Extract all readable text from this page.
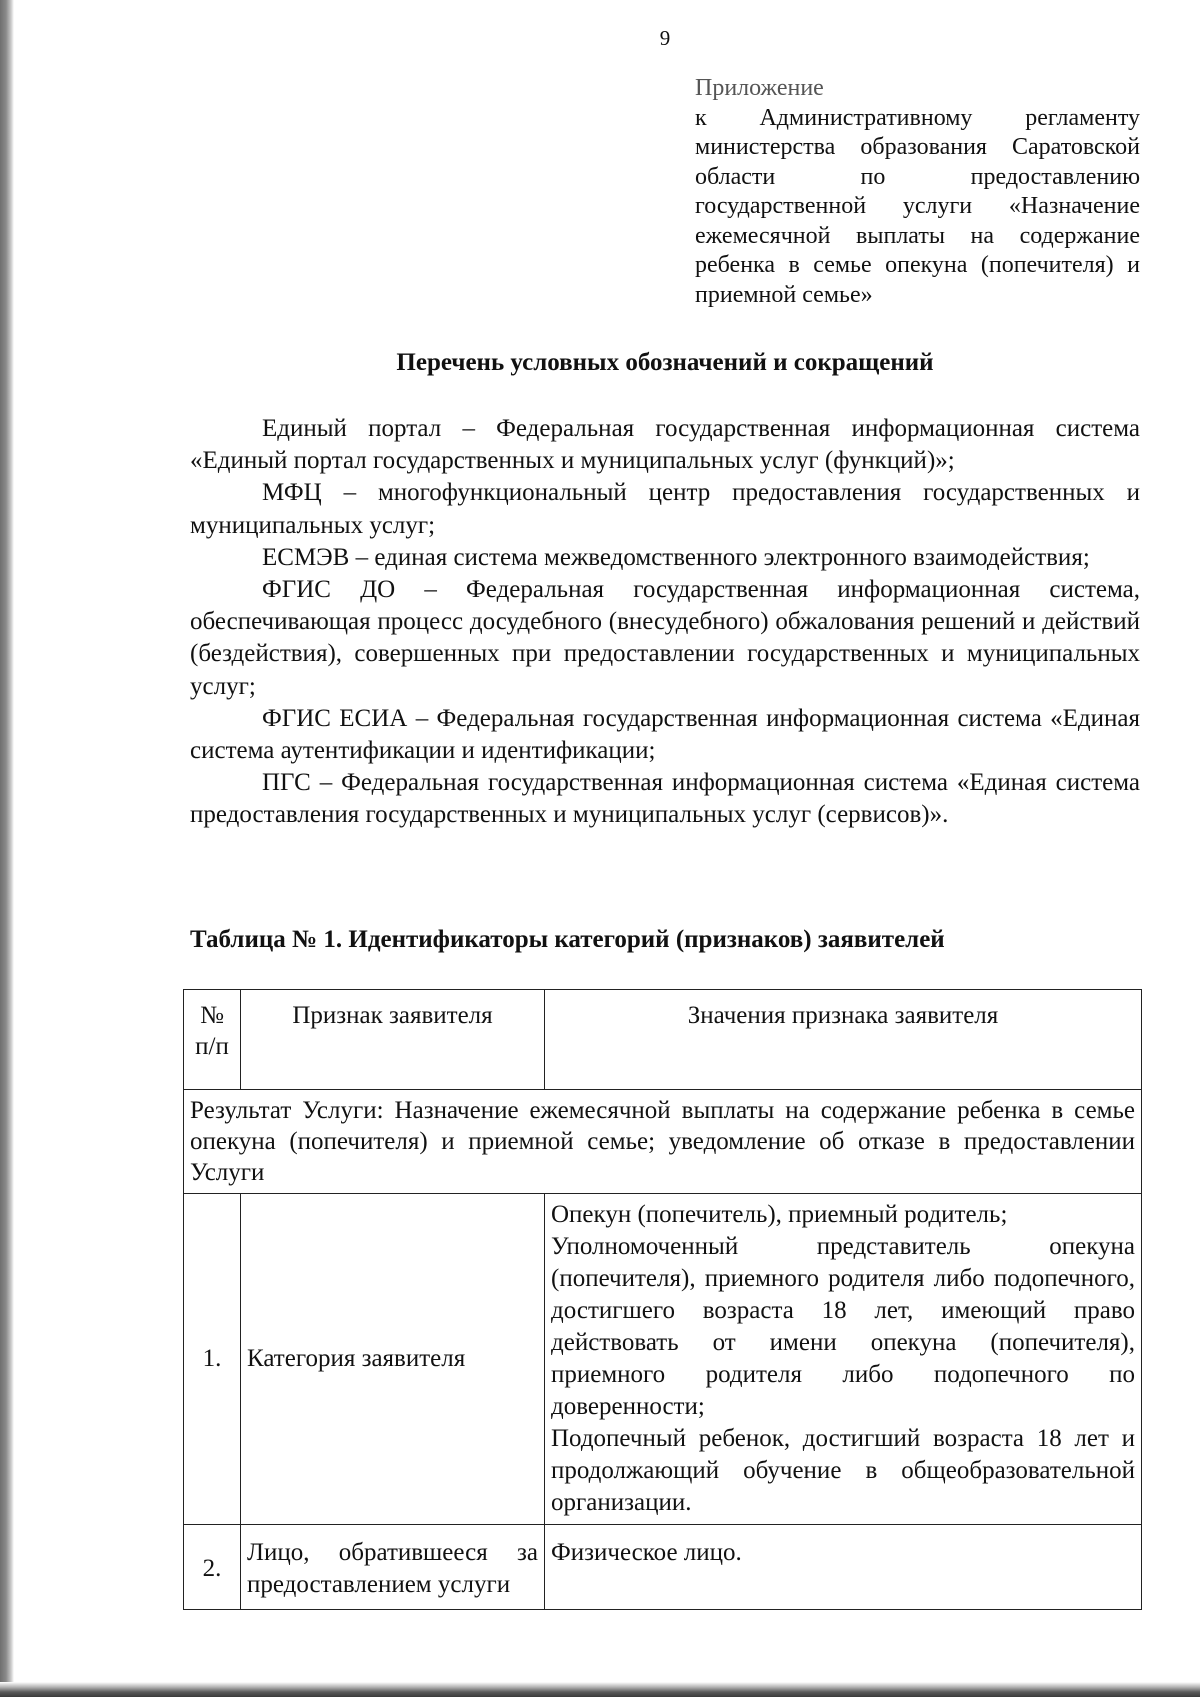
9
Приложение
к Административному регламенту министерства образования Саратовской области по предоставлению государственной услуги «Назначение ежемесячной выплаты на содержание ребенка в семье опекуна (попечителя) и приемной семье»
Перечень условных обозначений и сокращений

Единый портал – Федеральная государственная информационная система «Единый портал государственных и муниципальных услуг (функций)»;

МФЦ – многофункциональный центр предоставления государственных и муниципальных услуг;

ЕСМЭВ – единая система межведомственного электронного взаимодействия;

ФГИС ДО – Федеральная государственная информационная система, обеспечивающая процесс досудебного (внесудебного) обжалования решений и действий (бездействия), совершенных при предоставлении государственных и муниципальных услуг;

ФГИС ЕСИА – Федеральная государственная информационная система «Единая система аутентификации и идентификации;

ПГС – Федеральная государственная информационная система «Единая система предоставления государственных и муниципальных услуг (сервисов)».

Таблица № 1. Идентификаторы категорий (признаков) заявителей
№ п/п	Признак заявителя	Значения признака заявителя
Результат Услуги: Назначение ежемесячной выплаты на содержание ребенка в семье опекуна (попечителя) и приемной семье; уведомление об отказе в предоставлении Услуги		
1.	Категория заявителя	Опекун (попечитель), приемный родитель;
Уполномоченный представитель опекуна (попечителя), приемного родителя либо подопечного, достигшего возраста 18 лет, имеющий право действовать от имени опекуна (попечителя), приемного родителя либо подопечного по доверенности;
Подопечный ребенок, достигший возраста 18 лет и продолжающий обучение в общеобразовательной организации.

2.	Лицо, обратившееся за предоставлением услуги	Физическое лицо.
